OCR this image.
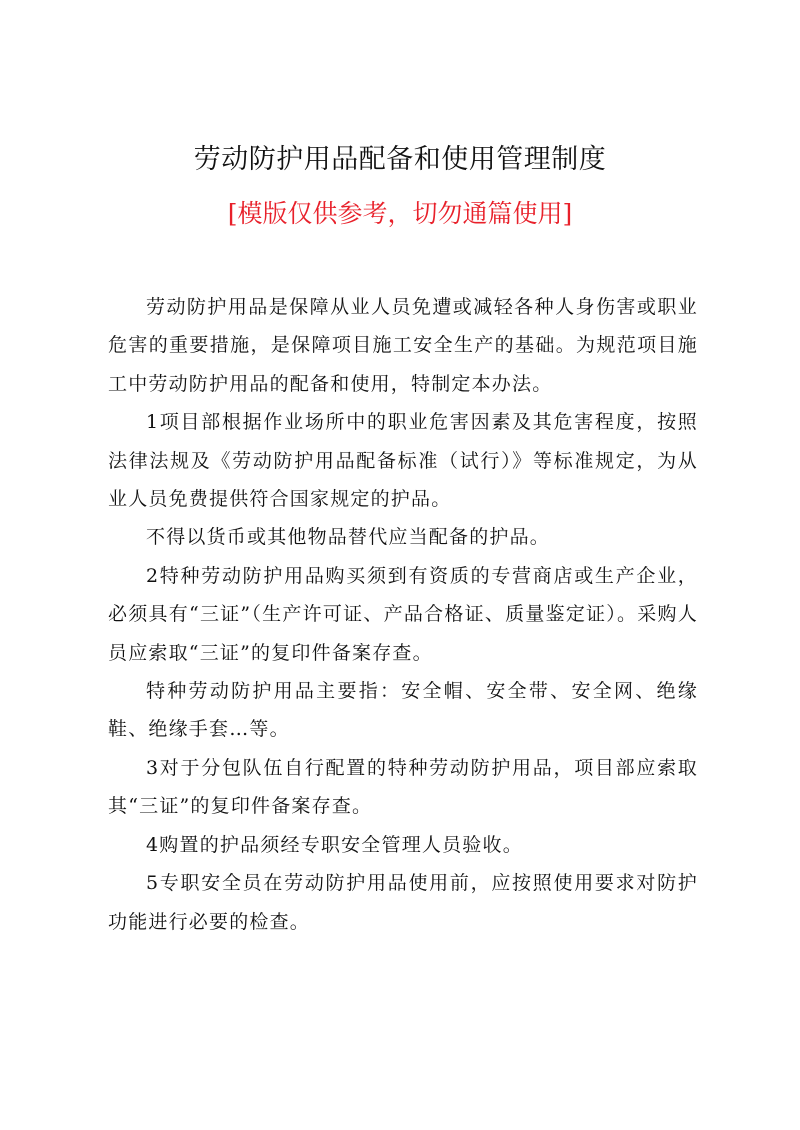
劳动防护用品配备和使用管理制度
[模版仅供参考，切勿通篇使用]

劳动防护用品是保障从业人员免遭或减轻各种人身伤害或职业危害的重要措施，是保障项目施工安全生产的基础。为规范项目施工中劳动防护用品的配备和使用，特制定本办法。

1项目部根据作业场所中的职业危害因素及其危害程度，按照法律法规及《劳动防护用品配备标准（试行）》等标准规定，为从业人员免费提供符合国家规定的护品。

不得以货币或其他物品替代应当配备的护品。

2特种劳动防护用品购买须到有资质的专营商店或生产企业，必须具有“三证”（生产许可证、产品合格证、质量鉴定证）。采购人员应索取“三证”的复印件备案存查。

特种劳动防护用品主要指：安全帽、安全带、安全网、绝缘鞋、绝缘手套…等。

3对于分包队伍自行配置的特种劳动防护用品，项目部应索取其“三证”的复印件备案存查。

4购置的护品须经专职安全管理人员验收。

5专职安全员在劳动防护用品使用前，应按照使用要求对防护功能进行必要的检查。
